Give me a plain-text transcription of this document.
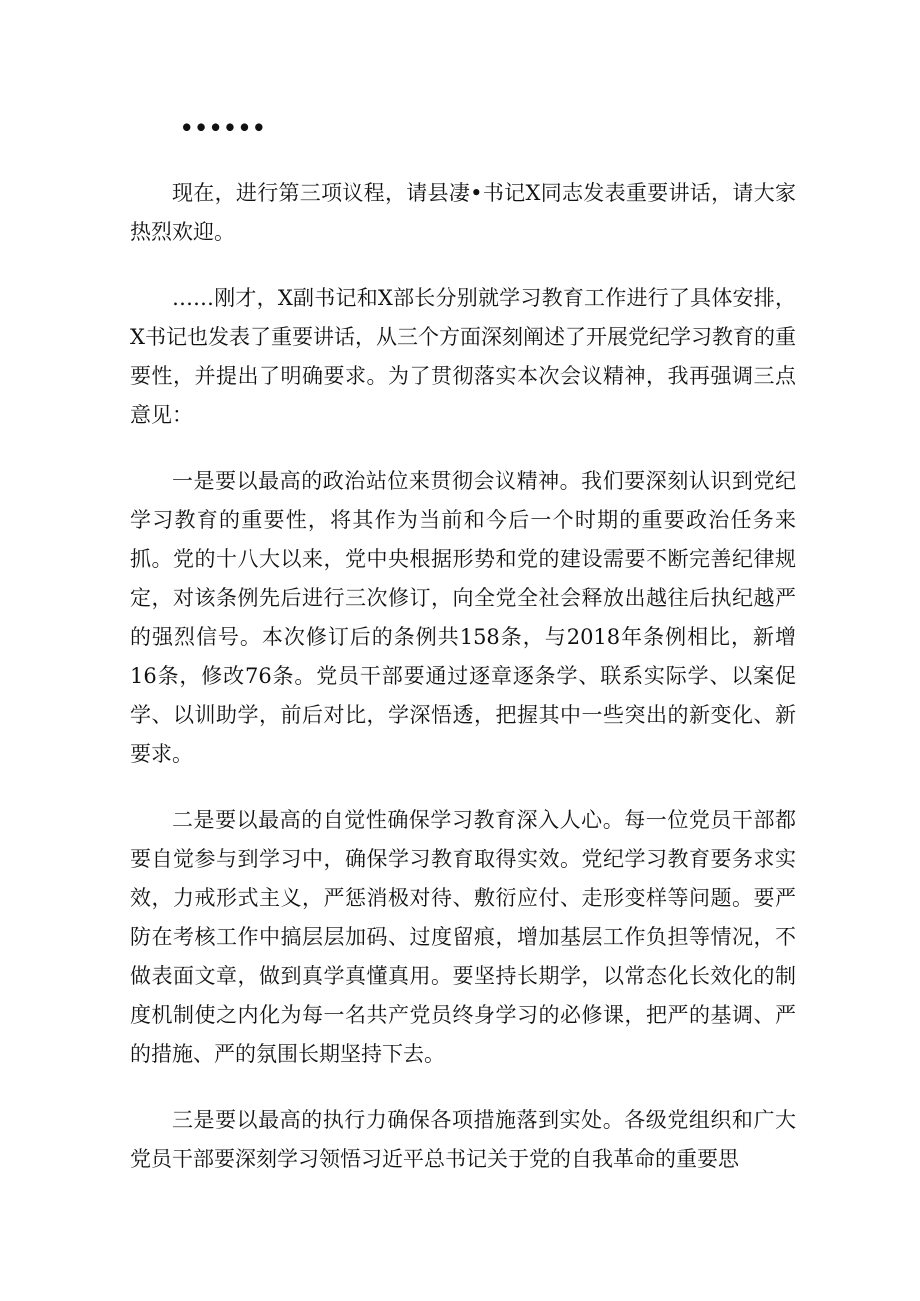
••••••

现在，进行第三项议程，请县凄•书记X同志发表重要讲话，请大家热烈欢迎。

……刚才，X副书记和X部长分别就学习教育工作进行了具体安排，X书记也发表了重要讲话，从三个方面深刻阐述了开展党纪学习教育的重要性，并提出了明确要求。为了贯彻落实本次会议精神，我再强调三点意见：

一是要以最高的政治站位来贯彻会议精神。我们要深刻认识到党纪学习教育的重要性，将其作为当前和今后一个时期的重要政治任务来抓。党的十八大以来，党中央根据形势和党的建设需要不断完善纪律规定，对该条例先后进行三次修订，向全党全社会释放出越往后执纪越严的强烈信号。本次修订后的条例共158条，与2018年条例相比，新增16条，修改76条。党员干部要通过逐章逐条学、联系实际学、以案促学、以训助学，前后对比，学深悟透，把握其中一些突出的新变化、新要求。

二是要以最高的自觉性确保学习教育深入人心。每一位党员干部都要自觉参与到学习中，确保学习教育取得实效。党纪学习教育要务求实效，力戒形式主义，严惩消极对待、敷衍应付、走形变样等问题。要严防在考核工作中搞层层加码、过度留痕，增加基层工作负担等情况，不做表面文章，做到真学真懂真用。要坚持长期学，以常态化长效化的制度机制使之内化为每一名共产党员终身学习的必修课，把严的基调、严的措施、严的氛围长期坚持下去。

三是要以最高的执行力确保各项措施落到实处。各级党组织和广大党员干部要深刻学习领悟习近平总书记关于党的自我革命的重要思
